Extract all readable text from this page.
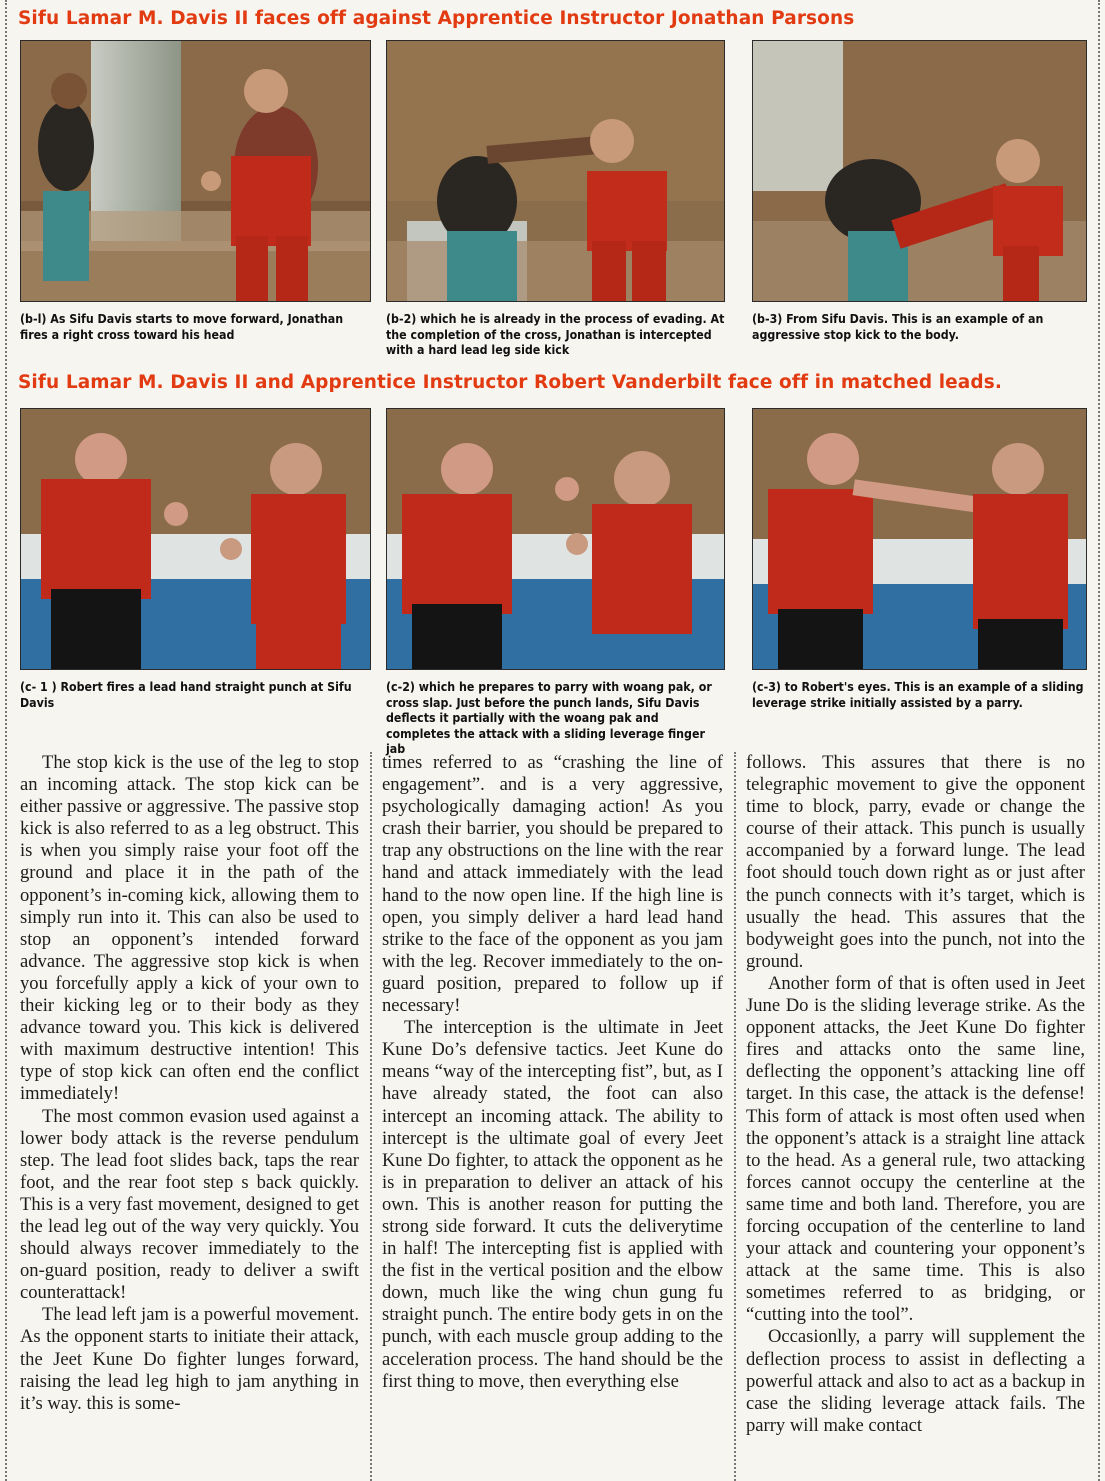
Sifu Lamar M. Davis II faces off against Apprentice Instructor Jonathan Parsons
(b-l) As Sifu Davis starts to move forward, Jonathan fires a right cross toward his head
(b-2) which he is already in the process of evading. At the completion of the cross, Jonathan is intercepted with a hard lead leg side kick
(b-3) From Sifu Davis. This is an example of an aggressive stop kick to the body.
Sifu Lamar M. Davis II and Apprentice Instructor Robert Vanderbilt face off in matched leads.
(c- 1 ) Robert fires a lead hand straight punch at Sifu Davis
(c-2) which he prepares to parry with woang pak, or cross slap. Just before the punch lands, Sifu Davis deflects it partially with the woang pak and completes the attack with a sliding leverage finger jab
(c-3) to Robert's eyes. This is an example of a sliding leverage strike initially assisted by a parry.

The stop kick is the use of the leg to stop an incoming attack. The stop kick can be either passive or aggressive. The passive stop kick is also referred to as a leg obstruct. This is when you simply raise your foot off the ground and place it in the path of the opponent’s in-coming kick, allowing them to simply run into it. This can also be used to stop an opponent’s intended forward advance. The aggressive stop kick is when you forcefully apply a kick of your own to their kicking leg or to their body as they advance toward you. This kick is delivered with maximum destructive intention! This type of stop kick can often end the conflict immediately!

The most common evasion used against a lower body attack is the reverse pendulum step. The lead foot slides back, taps the rear foot, and the rear foot step s back quickly. This is a very fast movement, designed to get the lead leg out of the way very quickly. You should always recover immediately to the on-guard position, ready to deliver a swift counterattack!

The lead left jam is a powerful movement. As the opponent starts to initiate their attack, the Jeet Kune Do fighter lunges forward, raising the lead leg high to jam anything in it’s way. this is some-

times referred to as “crashing the line of engagement”. and is a very aggressive, psychologically damaging action! As you crash their barrier, you should be prepared to trap any obstructions on the line with the rear hand and attack immediately with the lead hand to the now open line. If the high line is open, you simply deliver a hard lead hand strike to the face of the opponent as you jam with the leg. Recover immediately to the on-guard position, prepared to follow up if necessary!

The interception is the ultimate in Jeet Kune Do’s defensive tactics. Jeet Kune do means “way of the intercepting fist”, but, as I have already stated, the foot can also intercept an incoming attack. The ability to intercept is the ultimate goal of every Jeet Kune Do fighter, to attack the opponent as he is in preparation to deliver an attack of his own. This is another reason for putting the strong side forward. It cuts the deliverytime in half! The intercepting fist is applied with the fist in the vertical position and the elbow down, much like the wing chun gung fu straight punch. The entire body gets in on the punch, with each muscle group adding to the acceleration process. The hand should be the first thing to move, then everything else

follows. This assures that there is no telegraphic movement to give the opponent time to block, parry, evade or change the course of their attack. This punch is usually accompanied by a forward lunge. The lead foot should touch down right as or just after the punch connects with it’s target, which is usually the head. This assures that the bodyweight goes into the punch, not into the ground.

Another form of that is often used in Jeet June Do is the sliding leverage strike. As the opponent attacks, the Jeet Kune Do fighter fires and attacks onto the same line, deflecting the opponent’s attacking line off target. In this case, the attack is the defense! This form of attack is most often used when the opponent’s attack is a straight line attack to the head. As a general rule, two attacking forces cannot occupy the centerline at the same time and both land. Therefore, you are forcing occupation of the centerline to land your attack and countering your opponent’s attack at the same time. This is also sometimes referred to as bridging, or “cutting into the tool”.

Occasionlly, a parry will supplement the deflection process to assist in deflecting a powerful attack and also to act as a backup in case the sliding leverage attack fails. The parry will make contact
